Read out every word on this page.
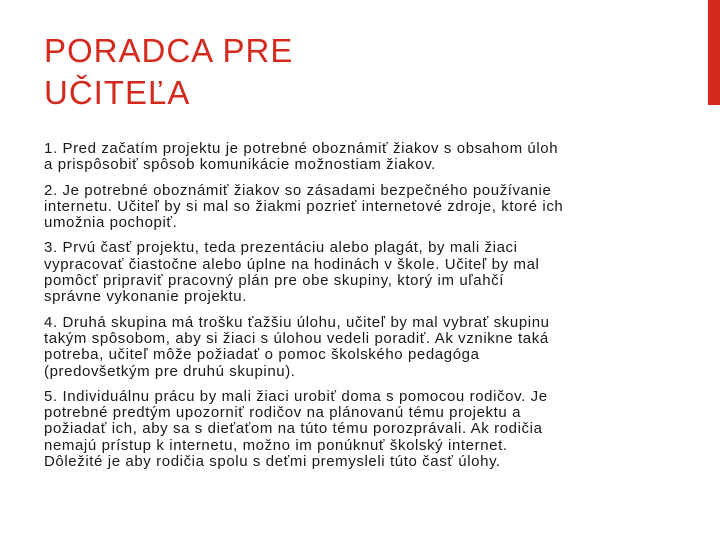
PORADCA PRE
UČITEĽA
1. Pred začatím projektu je potrebné oboznámiť žiakov s obsahom úloh
a prispôsobiť spôsob komunikácie možnostiam žiakov.
2. Je potrebné oboznámiť žiakov so zásadami bezpečného používanie
internetu. Učiteľ by si mal so žiakmi pozrieť internetové zdroje, ktoré ich
umožnia pochopiť.
3. Prvú časť projektu, teda prezentáciu alebo plagát, by mali žiaci
vypracovať čiastočne alebo úplne na hodinách v škole. Učiteľ by mal
pomôcť pripraviť pracovný plán pre obe skupiny, ktorý im uľahčí
správne vykonanie projektu.
4. Druhá skupina má trošku ťažšiu úlohu, učiteľ by mal vybrať skupinu
takým spôsobom, aby si žiaci s úlohou vedeli poradiť. Ak vznikne taká
potreba, učiteľ môže požiadať o pomoc školského pedagóga
(predovšetkým pre druhú skupinu).
5. Individuálnu prácu by mali žiaci urobiť doma s pomocou rodičov. Je
potrebné predtým upozorniť rodičov na plánovanú tému projektu a
požiadať ich, aby sa s dieťaťom na túto tému porozprávali. Ak rodičia
nemajú prístup k internetu, možno im ponúknuť školský internet.
Dôležité je aby rodičia spolu s deťmi premysleli túto časť úlohy.
